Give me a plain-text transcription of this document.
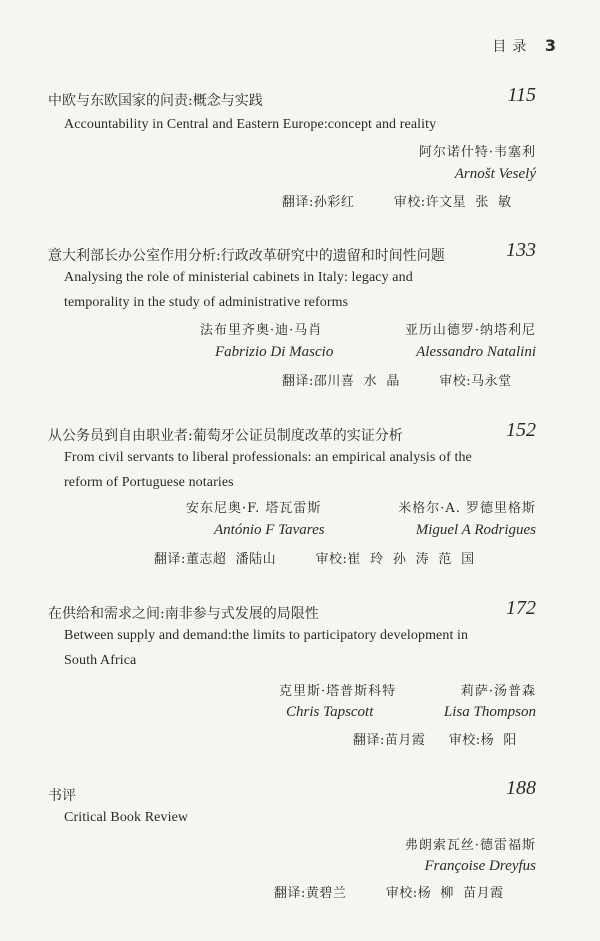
目录 3
中欧与东欧国家的问责:概念与实践	115
Accountability in Central and Eastern Europe:concept and reality
阿尔诺什特·韦塞利
Arnošt Veselý
翻译:孙彩红	审校:许文星  张  敏
意大利部长办公室作用分析:行政改革研究中的遗留和时间性问题	133
Analysing the role of ministerial cabinets in Italy: legacy and
temporality in the study of administrative reforms
法布里齐奥·迪·马肖	亚历山德罗·纳塔利尼
Fabrizio Di Mascio	Alessandro Natalini
翻译:邵川喜  水  晶	审校:马永堂
从公务员到自由职业者:葡萄牙公证员制度改革的实证分析	152
From civil servants to liberal professionals: an empirical analysis of the
reform of Portuguese notaries
安东尼奥·F. 塔瓦雷斯	米格尔·A. 罗德里格斯
António F Tavares	Miguel A Rodrigues
翻译:董志超  潘陆山	审校:崔  玲  孙  涛  范  国
在供给和需求之间:南非参与式发展的局限性	172
Between supply and demand:the limits to participatory development in
South Africa
克里斯·塔普斯科特	莉萨·汤普森
Chris Tapscott	Lisa Thompson
翻译:苗月霞 审校:杨  阳
书评	188
Critical Book Review
弗朗索瓦丝·德雷福斯
Françoise Dreyfus
翻译:黄碧兰	审校:杨  柳  苗月霞
